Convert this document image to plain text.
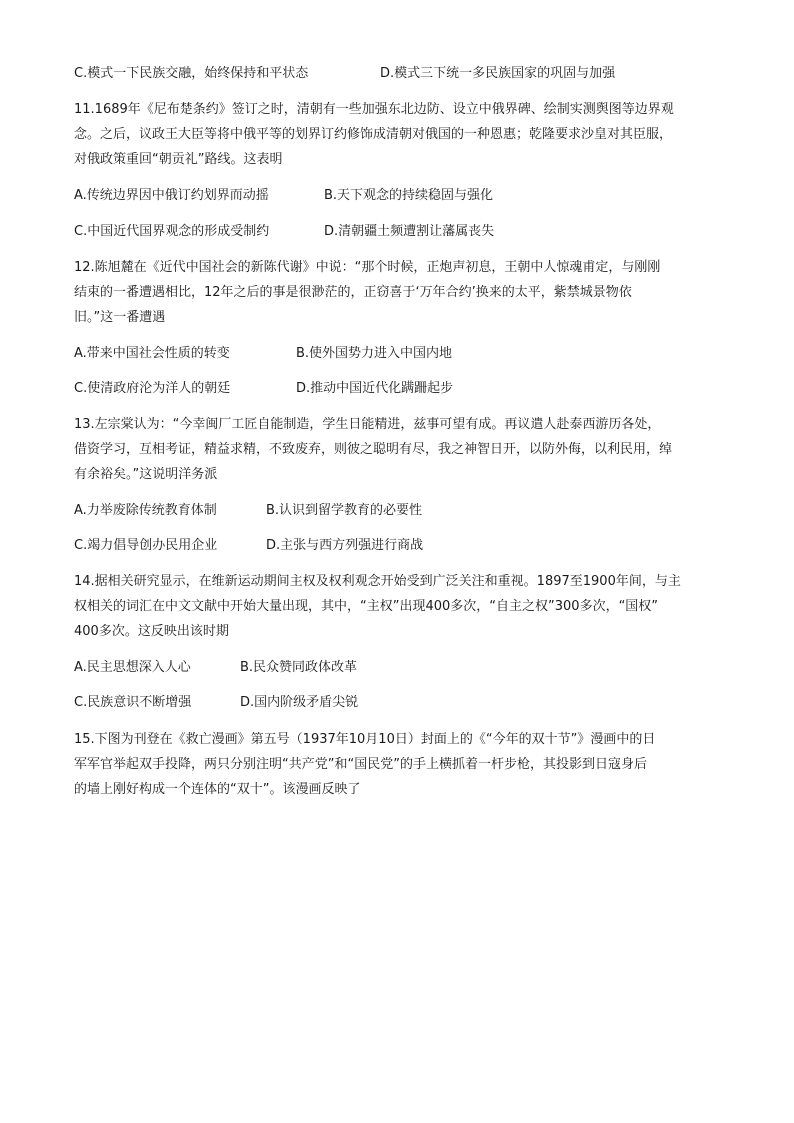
C.模式一下民族交融，始终保持和平状态	D.模式三下统一多民族国家的巩固与加强
11.1689年《尼布楚条约》签订之时，清朝有一些加强东北边防、设立中俄界碑、绘制实测舆图等边界观
念。之后，议政王大臣等将中俄平等的划界订约修饰成清朝对俄国的一种恩惠；乾隆要求沙皇对其臣服，
对俄政策重回“朝贡礼”路线。这表明
A.传统边界因中俄订约划界而动摇	B.天下观念的持续稳固与强化
C.中国近代国界观念的形成受制约	D.清朝疆土频遭割让藩属丧失
12.陈旭麓在《近代中国社会的新陈代谢》中说：“那个时候，正炮声初息，王朝中人惊魂甫定，与刚刚
结束的一番遭遇相比，12年之后的事是很渺茫的，正窃喜于‘万年合约’换来的太平，紫禁城景物依
旧。”这一番遭遇
A.带来中国社会性质的转变	B.使外国势力进入中国内地
C.使清政府沦为洋人的朝廷	D.推动中国近代化蹒跚起步
13.左宗棠认为：“今幸闽厂工匠自能制造，学生日能精进，兹事可望有成。再议遣人赴泰西游历各处，
借资学习，互相考证，精益求精，不致废弃，则彼之聪明有尽，我之神智日开，以防外侮，以利民用，绰
有余裕矣。”这说明洋务派
A.力举废除传统教育体制	B.认识到留学教育的必要性
C.竭力倡导创办民用企业	D.主张与西方列强进行商战
14.据相关研究显示，在维新运动期间主权及权利观念开始受到广泛关注和重视。1897至1900年间，与主
权相关的词汇在中文文献中开始大量出现，其中，“主权”出现400多次，“自主之权”300多次，“国权”
400多次。这反映出该时期
A.民主思想深入人心	B.民众赞同政体改革
C.民族意识不断增强	D.国内阶级矛盾尖锐
15.下图为刊登在《救亡漫画》第五号（1937年10月10日）封面上的《“今年的双十节”》漫画中的日
军军官举起双手投降，两只分别注明“共产党”和“国民党”的手上横抓着一杆步枪，其投影到日寇身后
的墙上刚好构成一个连体的“双十”。该漫画反映了
